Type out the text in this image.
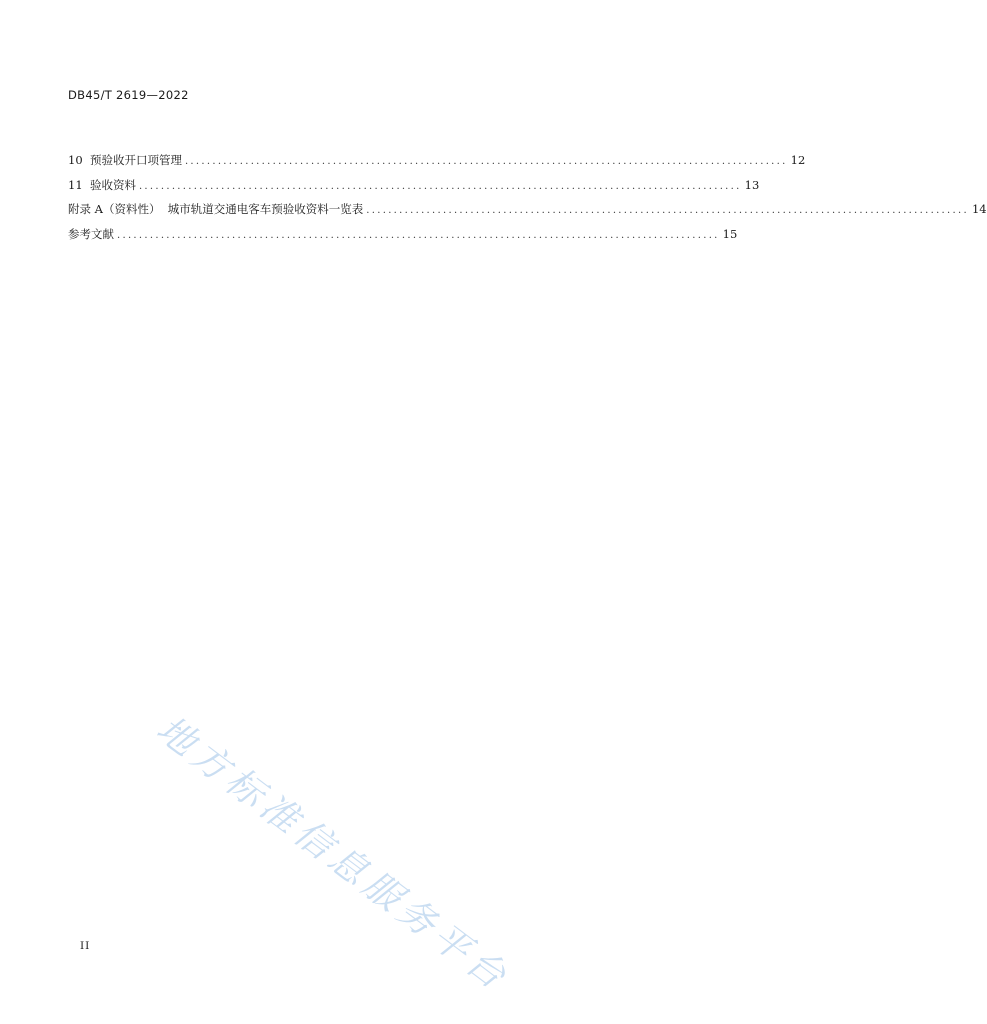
DB45/T 2619—2022
10 预验收开口项管理 .............................................................................................................. 12
11 验收资料 .............................................................................................................. 13
附录 A（资料性）  城市轨道交通电客车预验收资料一览表 .............................................................................................................. 14
参考文献 .............................................................................................................. 15
地方标准信息服务平台
II
